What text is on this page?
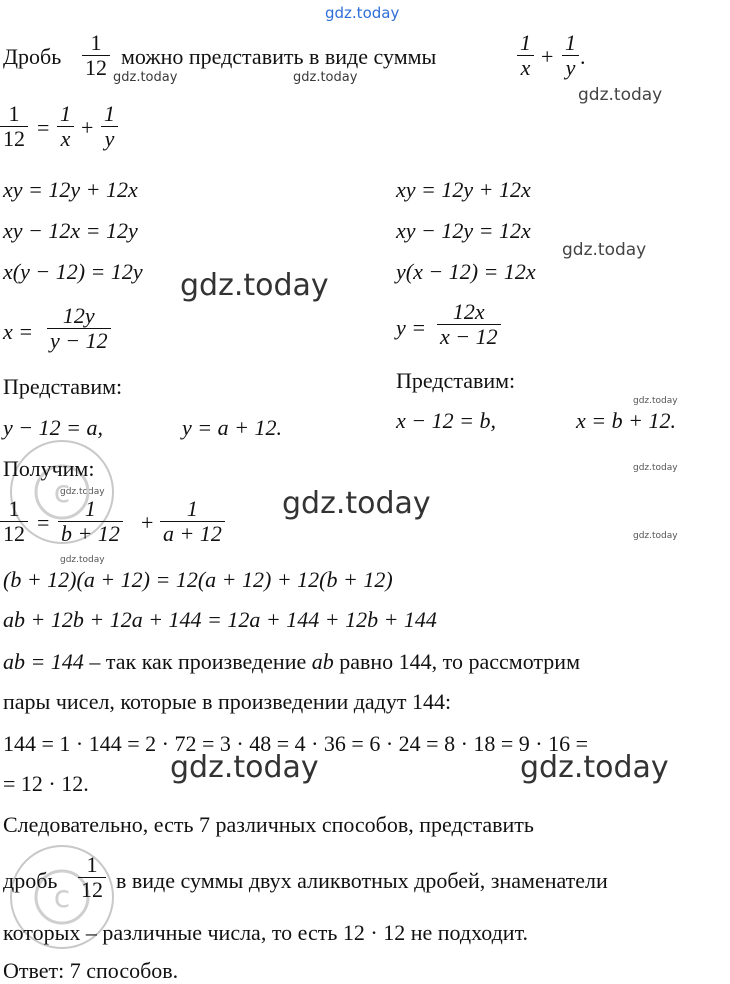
gdz.today
gdz.today	gdz.today
gdz.today
gdz.today
gdz.today
gdz.today
gdz.today
gdz.today	gdz.today
gdz.today
gdz.today
gdz.today	gdz.today
c
c
Дробь
1
12 можно представить в виде суммы
1
x +
1
y .
1
12 =
1
x +
1
y
xy = 12y + 12x
xy − 12x = 12y
x(y − 12) = 12y
x =
12y
y − 12
Представим:
y − 12 = a,	y = a + 12.
xy = 12y + 12x
xy − 12y = 12x
y(x − 12) = 12x
y =
12x
x − 12
Представим:
x − 12 = b,	x = b + 12.
Получим:
1
12 =
1
b + 12 +
1
a + 12
(b + 12)(a + 12) = 12(a + 12) + 12(b + 12)
ab + 12b + 12a + 144 = 12a + 144 + 12b + 144
ab = 144 – так как произведение ab равно 144, то рассмотрим
пары чисел, которые в произведении дадут 144:
144 = 1 · 144 = 2 · 72 = 3 · 48 = 4 · 36 = 6 · 24 = 8 · 18 = 9 · 16 =
= 12 · 12.
Следовательно, есть 7 различных способов, представить
дробь
1
12 в виде суммы двух аликвотных дробей, знаменатели
которых – различные числа, то есть 12 · 12 не подходит.
Ответ: 7 способов.
